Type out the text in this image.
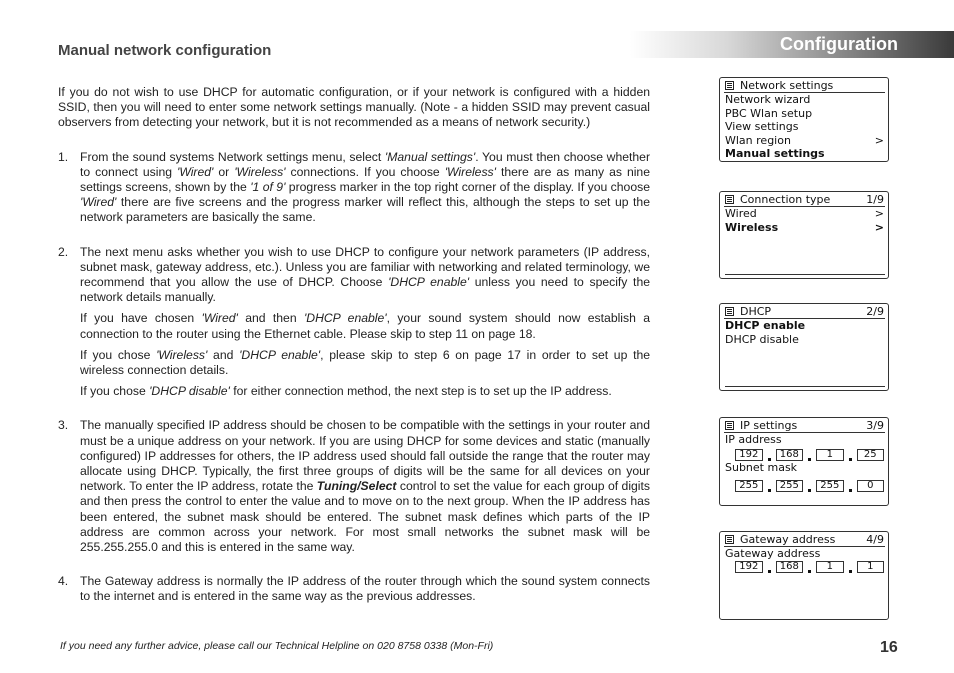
Manual network configuration	Configuration

If you do not wish to use DHCP for automatic configuration, or if your network is configured with a hidden SSID, then you will need to enter some network settings manually. (Note - a hidden SSID may prevent casual observers from detecting your network, but it is not recommended as a means of network security.)

1. From the sound systems Network settings menu, select 'Manual settings'. You must then choose whether to connect using 'Wired' or 'Wireless' connections. If you choose 'Wireless' there are as many as nine settings screens, shown by the '1 of 9' progress marker in the top right corner of the display. If you choose 'Wired' there are five screens and the progress marker will reflect this, although the steps to set up the network parameters are basically the same.

2. The next menu asks whether you wish to use DHCP to configure your network parameters (IP address, subnet mask, gateway address, etc.). Unless you are familiar with networking and related terminology, we recommend that you allow the use of DHCP. Choose 'DHCP enable' unless you need to specify the network details manually.

If you have chosen 'Wired' and then 'DHCP enable', your sound system should now establish a connection to the router using the Ethernet cable. Please skip to step 11 on page 18.

If you chose 'Wireless' and 'DHCP enable', please skip to step 6 on page 17 in order to set up the wireless connection details.

If you chose 'DHCP disable' for either connection method, the next step is to set up the IP address.

3. The manually specified IP address should be chosen to be compatible with the settings in your router and must be a unique address on your network. If you are using DHCP for some devices and static (manually configured) IP addresses for others, the IP address used should fall outside the range that the router may allocate using DHCP. Typically, the first three groups of digits will be the same for all devices on your network. To enter the IP address, rotate the Tuning/Select control to set the value for each group of digits and then press the control to enter the value and to move on to the next group. When the IP address has been entered, the subnet mask should be entered. The subnet mask defines which parts of the IP address are common across your network. For most small networks the subnet mask will be 255.255.255.0 and this is entered in the same way.

4. The Gateway address is normally the IP address of the router through which the sound system connects to the internet and is entered in the same way as the previous addresses.

Network settings
Network wizard
PBC Wlan setup
View settings
Wlan region	>
Manual settings
Connection type	1/9
Wired	>
Wireless	>
DHCP	2/9
DHCP enable
DHCP disable
IP settings	3/9
IP address
192	168	1	25
Subnet mask
255	255	255	0
Gateway address	4/9
Gateway address
192	168	1	1
If you need any further advice, please call our Technical Helpline on 020 8758 0338 (Mon-Fri)	16
